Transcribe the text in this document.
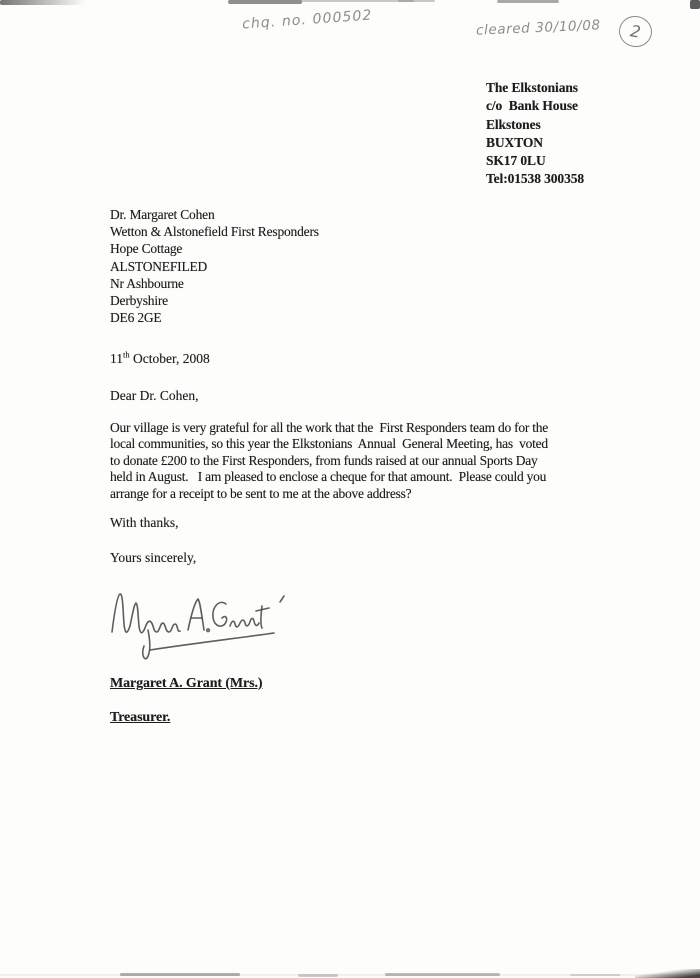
chq. no. 000502	cleared 30/10/08 2
The Elkstonians
c/o  Bank House
Elkstones
BUXTON
SK17 0LU
Tel:01538 300358
Dr. Margaret Cohen
Wetton & Alstonefield First Responders
Hope Cottage
ALSTONEFILED
Nr Ashbourne
Derbyshire
DE6 2GE
11th October, 2008
Dear Dr. Cohen,
Our village is very grateful for all the work that the  First Responders team do for the
local communities, so this year the Elkstonians  Annual  General Meeting, has  voted
to donate £200 to the First Responders, from funds raised at our annual Sports Day
held in August.   I am pleased to enclose a cheque for that amount.  Please could you
arrange for a receipt to be sent to me at the above address?
With thanks,
Yours sincerely,
Margaret A. Grant (Mrs.)
Treasurer.
